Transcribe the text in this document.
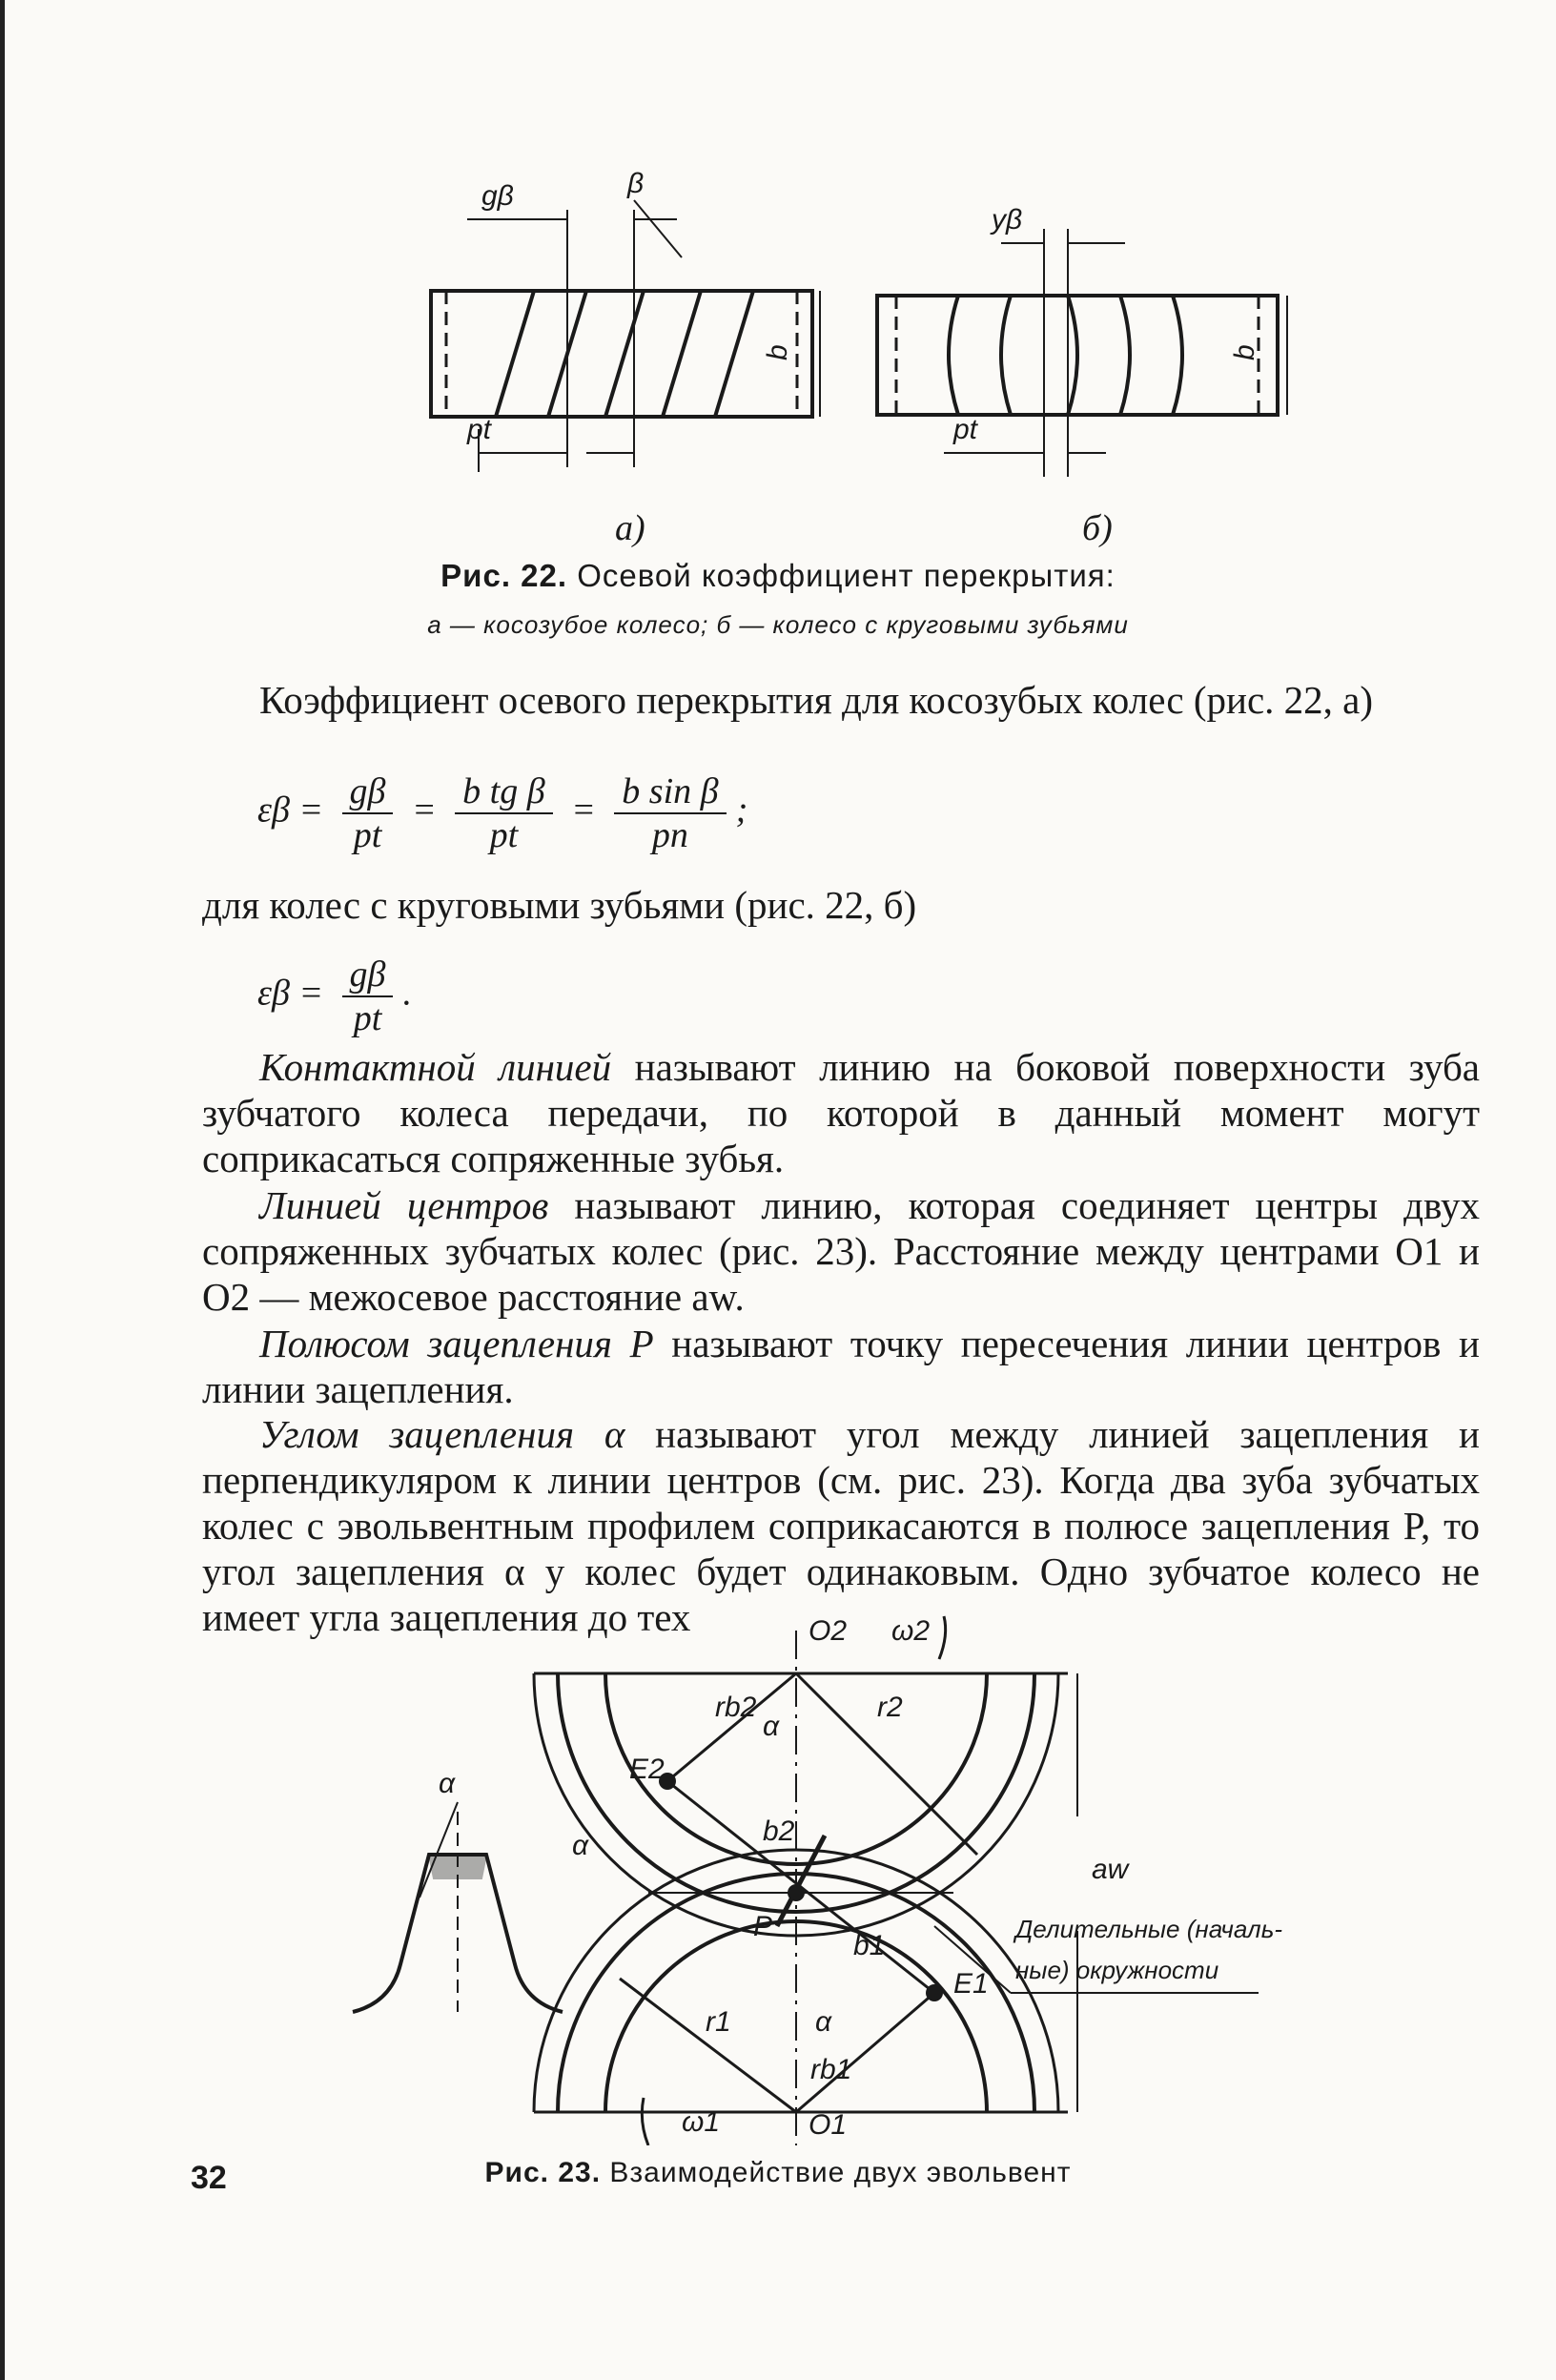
gβ	β
pt
b
yβ
pt
b
а)	б)
Рис. 22. Осевой коэффициент перекрытия:
а — косозубое колесо; б — колесо с круговыми зубьями
Коэффициент осевого перекрытия для косозубых колес (рис. 22, а)
$\varepsilon\beta = \frac{g\beta}{pt} = \frac{\text{b tg β}}{pt} = \frac{\text{b sin β}}{pn}$ ;
для колес с круговыми зубьями (рис. 22, б)
$\varepsilon\beta = \frac{g\beta}{pt}$ .
Контактной линией называют линию на боковой поверхности зуба зубчатого колеса передачи, по которой в данный момент могут соприкасаться сопряженные зубья.
Линией центров называют линию, которая соединяет центры двух сопряженных зубчатых колес (рис. 23). Расстояние между центрами O1 и O2 — межосевое расстояние aw.
Полюсом зацепления P называют точку пересечения линии центров и линии зацепления.
Углом зацепления α называют угол между линией зацепления и перпендикуляром к линии центров (см. рис. 23). Когда два зуба зубчатых колес с эвольвентным профилем соприкасаются в полюсе зацепления P, то угол зацепления α у колес будет одинаковым. Одно зубчатое колесо не имеет угла зацепления до тех	O2 ω2
rb2
α
r2
E2
α	b2
aw
P
b1
E1
α
r1
rb1
ω1	O1
α
Делительные (началь-
ные) окружности
Рис. 23. Взаимодействие двух эвольвент
32
